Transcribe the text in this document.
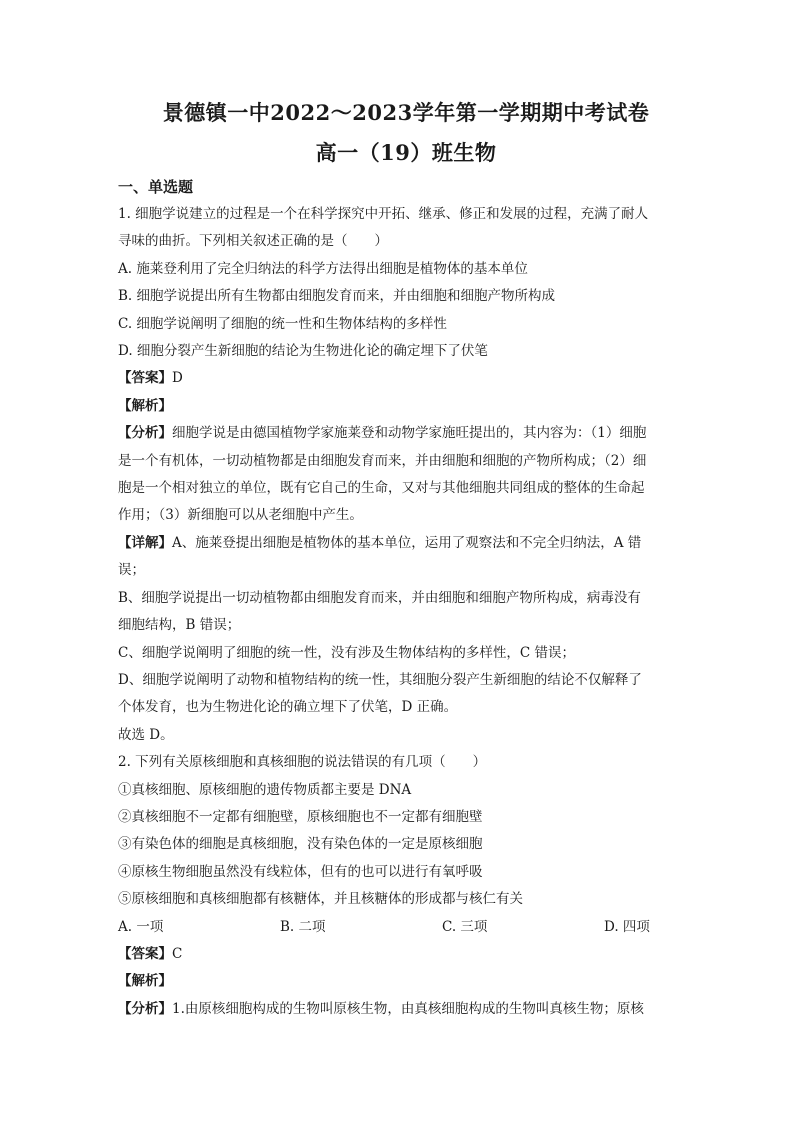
景德镇一中2022～2023学年第一学期期中考试卷

高一（19）班生物

一、单选题

1. 细胞学说建立的过程是一个在科学探究中开拓、继承、修正和发展的过程，充满了耐人

寻味的曲折。下列相关叙述正确的是（　　）

A. 施莱登利用了完全归纳法的科学方法得出细胞是植物体的基本单位

B. 细胞学说提出所有生物都由细胞发育而来，并由细胞和细胞产物所构成

C. 细胞学说阐明了细胞的统一性和生物体结构的多样性

D. 细胞分裂产生新细胞的结论为生物进化论的确定埋下了伏笔

【答案】D

【解析】

【分析】细胞学说是由德国植物学家施莱登和动物学家施旺提出的，其内容为：（1）细胞

是一个有机体，一切动植物都是由细胞发育而来，并由细胞和细胞的产物所构成；（2）细

胞是一个相对独立的单位，既有它自己的生命，又对与其他细胞共同组成的整体的生命起

作用；（3）新细胞可以从老细胞中产生。

【详解】A、施莱登提出细胞是植物体的基本单位，运用了观察法和不完全归纳法，A 错

误；

B、细胞学说提出一切动植物都由细胞发育而来，并由细胞和细胞产物所构成，病毒没有

细胞结构，B 错误；

C、细胞学说阐明了细胞的统一性，没有涉及生物体结构的多样性，C 错误；

D、细胞学说阐明了动物和植物结构的统一性，其细胞分裂产生新细胞的结论不仅解释了

个体发育，也为生物进化论的确立埋下了伏笔，D 正确。

故选 D。

2. 下列有关原核细胞和真核细胞的说法错误的有几项（　　）

①真核细胞、原核细胞的遗传物质都主要是 DNA

②真核细胞不一定都有细胞壁，原核细胞也不一定都有细胞壁

③有染色体的细胞是真核细胞，没有染色体的一定是原核细胞

④原核生物细胞虽然没有线粒体，但有的也可以进行有氧呼吸

⑤原核细胞和真核细胞都有核糖体，并且核糖体的形成都与核仁有关

A. 一项	B. 二项	C. 三项	D. 四项

【答案】C

【解析】

【分析】1.由原核细胞构成的生物叫原核生物，由真核细胞构成的生物叫真核生物；原核
